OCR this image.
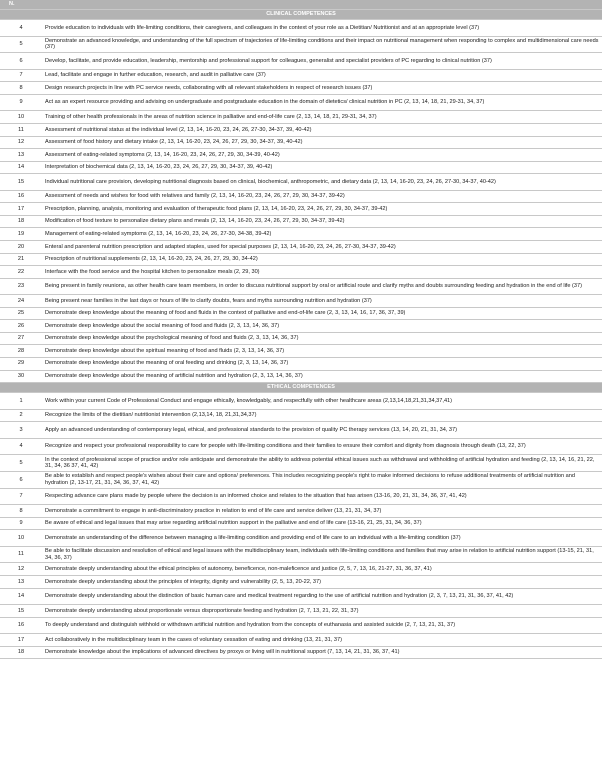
N.	
CLINICAL COMPETENCES	
4	Provide education to individuals with life-limiting conditions, their caregivers, and colleagues in the context of your role as a Dietitian/ Nutritionist and at an appropriate level (37)
5	Demonstrate an advanced knowledge, and understanding of the full spectrum of trajectories of life-limiting conditions and their impact on nutritional management when responding to complex and multidimensional care needs (37)
6	Develop, facilitate, and provide education, leadership, mentorship and professional support for colleagues, generalist and specialist providers of PC regarding to clinical nutrition (37)
7	Lead, facilitate and engage in further education, research, and audit in palliative care (37)
8	Design research projects in line with PC service needs, collaborating with all relevant stakeholders in respect of research issues (37)
9	Act as an expert resource providing and advising on undergraduate and postgraduate education in the domain of dietetics/ clinical nutrition in PC (2, 13, 14, 18, 21, 29-31, 34, 37)
10	Training of other health professionals in the areas of nutrition science in palliative and end-of-life care (2, 13, 14, 18, 21, 29-31, 34, 37)
11	Assessment of nutritional status at the individual level (2, 13, 14, 16-20, 23, 24, 26, 27-30, 34-37, 39, 40-42)
12	Assessment of food history and dietary intake (2, 13, 14, 16-20, 23, 24, 26, 27, 29, 30, 34-37, 39, 40-42)
13	Assessment of eating-related symptoms (2, 13, 14, 16-20, 23, 24, 26, 27, 29, 30, 34-39, 40-42)
14	Interpretation of biochemical data (2, 13, 14, 16-20, 23, 24, 26, 27, 29, 30, 34-37, 39, 40-42)
15	Individual nutritional care provision, developing nutritional diagnosis based on clinical, biochemical, anthropometric, and dietary data (2, 13, 14, 16-20, 23, 24, 26, 27-30, 34-37, 40-42)
16	Assessment of needs and wishes for food with relatives and family (2, 13, 14, 16-20, 23, 24, 26, 27, 29, 30, 34-37, 39-42)
17	Prescription, planning, analysis, monitoring and evaluation of therapeutic food plans (2, 13, 14, 16-20, 23, 24, 26, 27, 29, 30, 34-37, 39-42)
18	Modification of food texture to personalize dietary plans and meals (2, 13, 14, 16-20, 23, 24, 26, 27, 29, 30, 34-37, 39-42)
19	Management of eating-related symptoms (2, 13, 14, 16-20, 23, 24, 26, 27-30, 34-38, 39-42)
20	Enteral and parenteral nutrition prescription and adapted staples, used for special purposes (2, 13, 14, 16-20, 23, 24, 26, 27-30, 34-37, 39-42)
21	Prescription of nutritional supplements (2, 13, 14, 16-20, 23, 24, 26, 27, 29, 30, 34-42)
22	Interface with the food service and the hospital kitchen to personalize meals (2, 29, 30)
23	Being present in family reunions, as other health care team members, in order to discuss nutritional support by oral or artificial route and clarify myths and doubts surrounding feeding and hydration in the end of life (37)
24	Being present near families in the last days or hours of life to clarify doubts, fears and myths surrounding nutrition and hydration (37)
25	Demonstrate deep knowledge about the meaning of food and fluids in the context of palliative and end-of-life care (2, 3, 13, 14, 16, 17, 36, 37, 39)
26	Demonstrate deep knowledge about the social meaning of food and fluids (2, 3, 13, 14, 36, 37)
27	Demonstrate deep knowledge about the psychological meaning of food and fluids (2, 3, 13, 14, 36, 37)
28	Demonstrate deep knowledge about the spiritual meaning of food and fluids (2, 3, 13, 14, 36, 37)
29	Demonstrate deep knowledge about the meaning of oral feeding and drinking (2, 3, 13, 14, 36, 37)
30	Demonstrate deep knowledge about the meaning of artificial nutrition and hydration (2, 3, 13, 14, 36, 37)
ETHICAL COMPETENCES	
1	Work within your current Code of Professional Conduct and engage ethically, knowledgably, and respectfully with other healthcare areas (2,13,14,18,21,31,34,37,41)
2	Recognize the limits of the dietitian/ nutritionist intervention (2,13,14, 18, 21,31,34,37)
3	Apply an advanced understanding of contemporary legal, ethical, and professional standards to the provision of quality PC therapy services (13, 14, 20, 21, 31, 34, 37)
4	Recognize and respect your professional responsibility to care for people with life-limiting conditions and their families to ensure their comfort and dignity from diagnosis through death (13, 22, 37)
5	In the context of professional scope of practice and/or role anticipate and demonstrate the ability to address potential ethical issues such as withdrawal and withholding of artificial hydration and feeding (2, 13, 14, 16, 21, 22, 31, 34, 36 37, 41, 42)
6	Be able to establish and respect people's wishes about their care and options/ preferences. This includes recognizing people's right to make informed decisions to refuse additional treatments of artificial nutrition and hydration (2, 13-17, 21, 31, 34, 36, 37, 41, 42)
7	Respecting advance care plans made by people where the decision is an informed choice and relates to the situation that has arisen (13-16, 20, 21, 31, 34, 36, 37, 41, 42)
8	Demonstrate a commitment to engage in anti-discriminatory practice in relation to end of life care and service deliver (13, 21, 31, 34, 37)
9	Be aware of ethical and legal issues that may arise regarding artificial nutrition support in the palliative and end of life care (13-16, 21, 25, 31, 34, 36, 37)
10	Demonstrate an understanding of the difference between managing a life-limiting condition and providing end of life care to an individual with a life-limiting condition (37)
11	Be able to facilitate discussion and resolution of ethical and legal issues with the multidisciplinary team, individuals with life-limiting conditions and families that may arise in relation to artificial nutrition support (13-15, 21, 31, 34, 36, 37)
12	Demonstrate deeply understanding about the ethical principles of autonomy, beneficence, non-maleficence and justice (2, 5, 7, 13, 16, 21-27, 31, 36, 37, 41)
13	Demonstrate deeply understanding about the principles of integrity, dignity and vulnerability (2, 5, 13, 20-22, 37)
14	Demonstrate deeply understanding about the distinction of basic human care and medical treatment regarding to the use of artificial nutrition and hydration (2, 3, 7, 13, 21, 31, 36, 37, 41, 42)
15	Demonstrate deeply understanding about proportionate versus disproportionate feeding and hydration (2, 7, 13, 21, 22, 31, 37)
16	To deeply understand and distinguish withhold or withdrawn artificial nutrition and hydration from the concepts of euthanasia and assisted suicide (2, 7, 13, 21, 31, 37)
17	Act collaboratively in the multidisciplinary team in the cases of voluntary cessation of eating and drinking (13, 21, 31, 37)
18	Demonstrate knowledge about the implications of advanced directives by proxys or living will in nutritional support (7, 13, 14, 21, 31, 36, 37, 41)
